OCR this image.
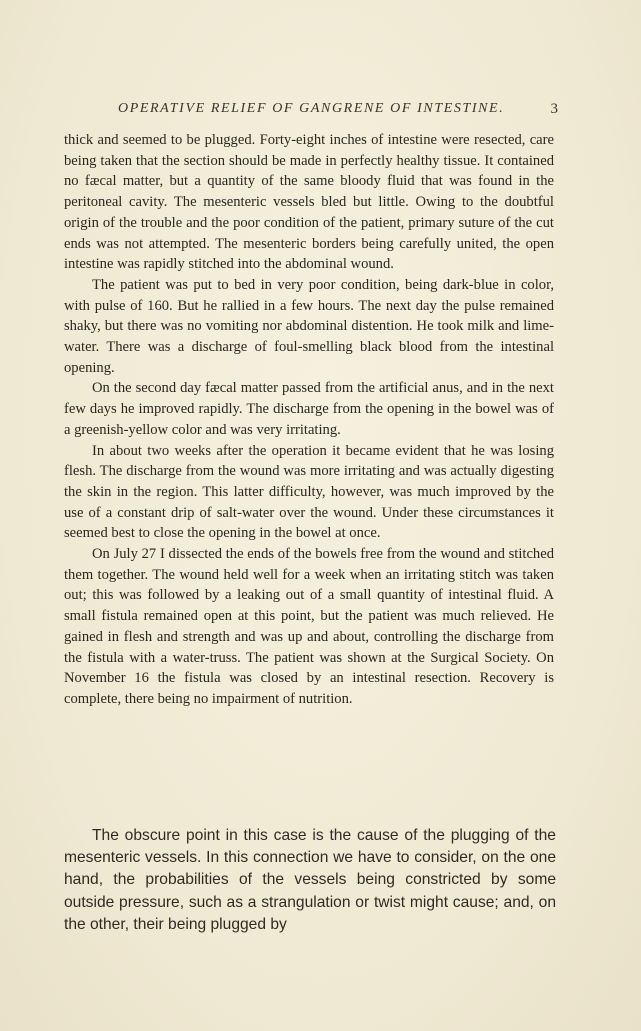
OPERATIVE RELIEF OF GANGRENE OF INTESTINE.	3

thick and seemed to be plugged. Forty-eight inches of intestine were resected, care being taken that the section should be made in perfectly healthy tissue. It contained no fæcal matter, but a quantity of the same bloody fluid that was found in the peritoneal cavity. The mesenteric vessels bled but little. Owing to the doubtful origin of the trouble and the poor condition of the patient, primary suture of the cut ends was not attempted. The mesenteric borders being carefully united, the open intestine was rapidly stitched into the abdominal wound.

The patient was put to bed in very poor condition, being dark-blue in color, with pulse of 160. But he rallied in a few hours. The next day the pulse remained shaky, but there was no vomiting nor abdominal distention. He took milk and lime-water. There was a discharge of foul-smelling black blood from the intestinal opening.

On the second day fæcal matter passed from the artificial anus, and in the next few days he improved rapidly. The discharge from the opening in the bowel was of a greenish-yellow color and was very irritating.

In about two weeks after the operation it became evident that he was losing flesh. The discharge from the wound was more irritating and was actually digesting the skin in the region. This latter difficulty, however, was much improved by the use of a constant drip of salt-water over the wound. Under these circumstances it seemed best to close the opening in the bowel at once.

On July 27 I dissected the ends of the bowels free from the wound and stitched them together. The wound held well for a week when an irritating stitch was taken out; this was followed by a leaking out of a small quantity of intestinal fluid. A small fistula remained open at this point, but the patient was much relieved. He gained in flesh and strength and was up and about, controlling the discharge from the fistula with a water-truss. The patient was shown at the Surgical Society. On November 16 the fistula was closed by an intestinal resection. Recovery is complete, there being no impairment of nutrition.

The obscure point in this case is the cause of the plugging of the mesenteric vessels. In this connection we have to consider, on the one hand, the probabilities of the vessels being constricted by some outside pressure, such as a strangulation or twist might cause; and, on the other, their being plugged by
